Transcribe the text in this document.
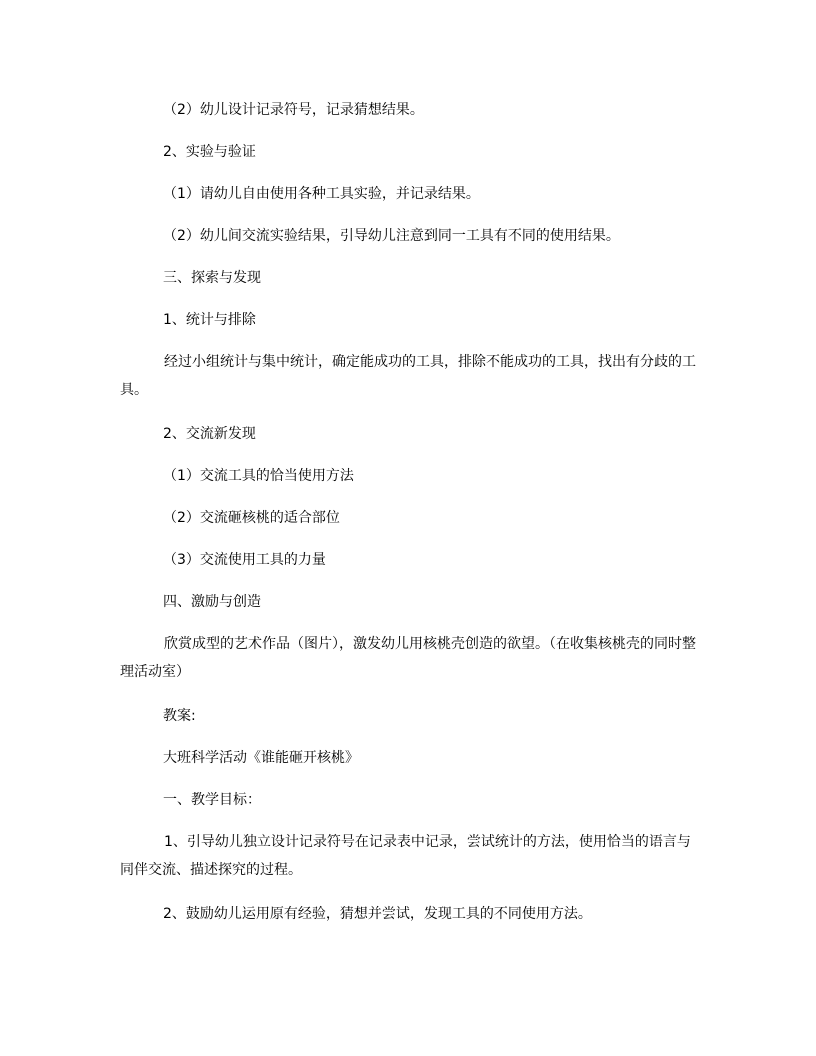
（2）幼儿设计记录符号，记录猜想结果。

2、实验与验证

（1）请幼儿自由使用各种工具实验，并记录结果。

（2）幼儿间交流实验结果，引导幼儿注意到同一工具有不同的使用结果。

三、探索与发现

1、统计与排除

经过小组统计与集中统计，确定能成功的工具，排除不能成功的工具，找出有分歧的工具。

2、交流新发现

（1）交流工具的恰当使用方法

（2）交流砸核桃的适合部位

（3）交流使用工具的力量

四、激励与创造

欣赏成型的艺术作品（图片），激发幼儿用核桃壳创造的欲望。（在收集核桃壳的同时整理活动室）

教案:

大班科学活动《谁能砸开核桃》

一、教学目标：

1、引导幼儿独立设计记录符号在记录表中记录，尝试统计的方法，使用恰当的语言与同伴交流、描述探究的过程。

2、鼓励幼儿运用原有经验，猜想并尝试，发现工具的不同使用方法。
